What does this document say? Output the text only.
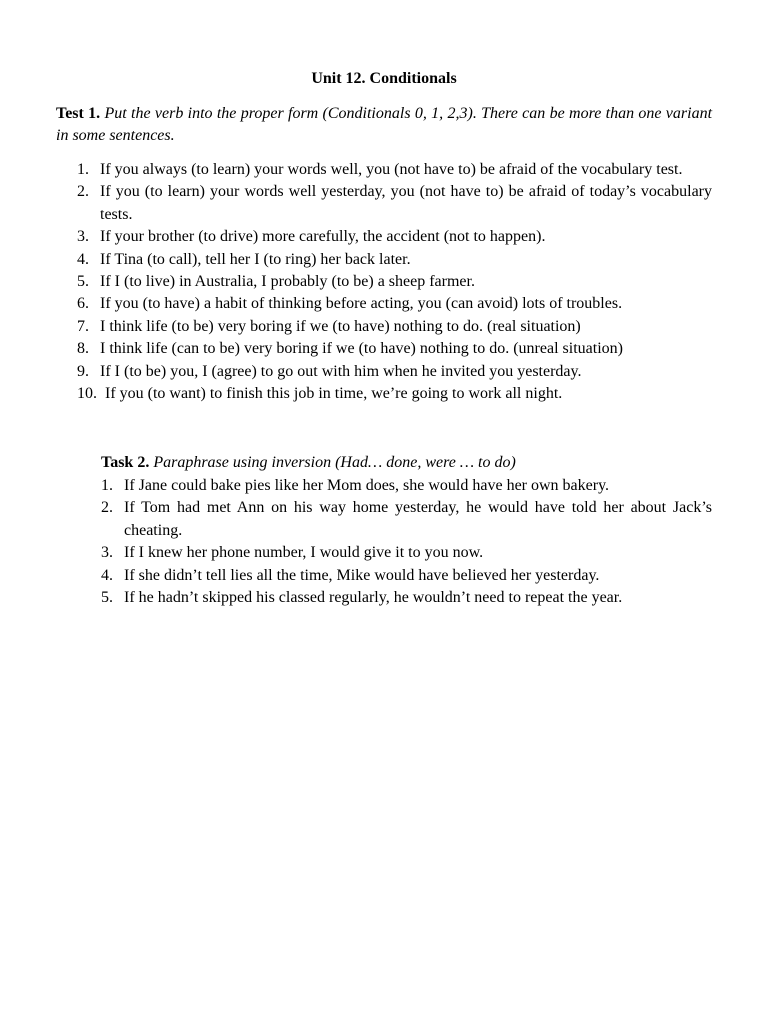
Unit 12. Conditionals
Test 1. Put the verb into the proper form (Conditionals 0, 1, 2,3). There can be more than one variant in some sentences.
1. If you always (to learn) your words well, you (not have to) be afraid of the vocabulary test.
2. If you (to learn) your words well yesterday, you (not have to) be afraid of today’s vocabulary tests.
3. If your brother (to drive) more carefully, the accident (not to happen).
4. If Tina (to call), tell her I (to ring) her back later.
5. If I (to live) in Australia, I probably (to be) a sheep farmer.
6. If you (to have) a habit of thinking before acting, you (can avoid) lots of troubles.
7. I think life (to be) very boring if we (to have) nothing to do. (real situation)
8. I think life (can to be) very boring if we (to have) nothing to do. (unreal situation)
9. If I (to be) you, I (agree) to go out with him when he invited you yesterday.
10. If you (to want) to finish this job in time, we’re going to work all night.
Task 2. Paraphrase using inversion (Had… done, were … to do)
1. If Jane could bake pies like her Mom does, she would have her own bakery.
2. If Tom had met Ann on his way home yesterday, he would have told her about Jack’s cheating.
3. If I knew her phone number, I would give it to you now.
4. If she didn’t tell lies all the time, Mike would have believed her yesterday.
5. If he hadn’t skipped his classed regularly, he wouldn’t need to repeat the year.
